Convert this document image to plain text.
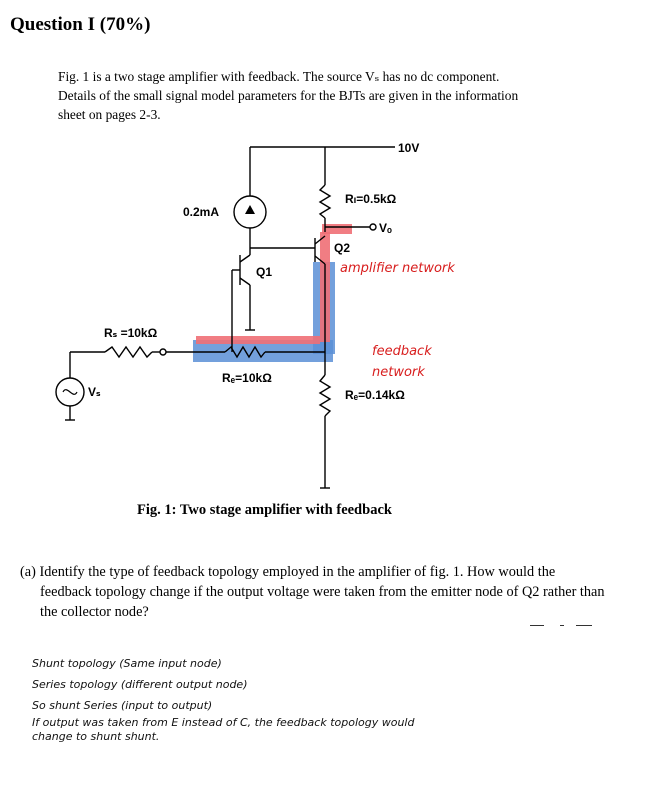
Question I (70%)

Fig. 1 is a two stage amplifier with feedback. The source Vₛ has no dc component.

Details of the small signal model parameters for the BJTs are given in the information

sheet on pages 2-3.

10V
0.2mA
Q1
Q2
Rₗ=0.5kΩ
Vₒ
Rₛ =10kΩ
Rₑ=10kΩ
Rₑ=0.14kΩ
Vₛ
amplifier network
feedback
network
Fig. 1: Two stage amplifier with feedback

(a) Identify the type of feedback topology employed in the amplifier of fig. 1. How would the feedback topology change if the output voltage were taken from the emitter node of Q2 rather than the collector node?

Shunt topology (Same input node)
Series topology (different output node)
So shunt Series (input to output)
If output was taken from E instead of C, the feedback topology would
change to shunt shunt.
